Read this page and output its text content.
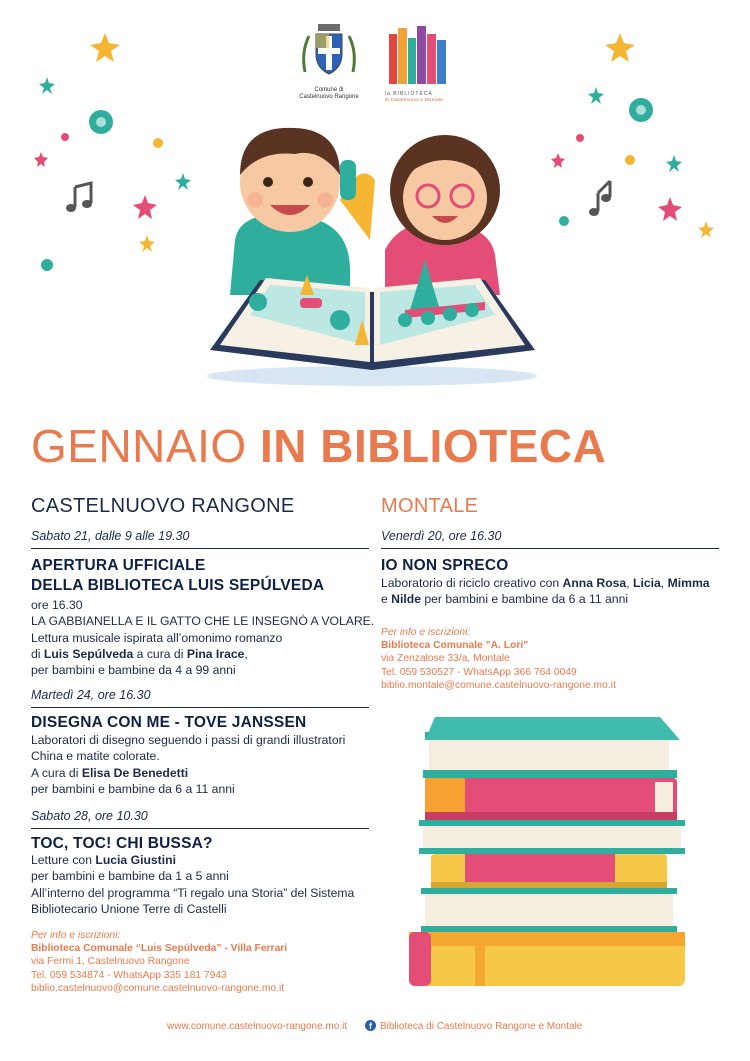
Comune di
Castelnuovo Rangone	la BIBLIOTECA
di Castelnuovo e Montale
GENNAIO IN BIBLIOTECA
CASTELNUOVO RANGONE
Sabato 21, dalle 9 alle 19.30
APERTURA UFFICIALE
DELLA BIBLIOTECA LUIS SEPÚLVEDA
ore 16.30
LA GABBIANELLA E IL GATTO CHE LE INSEGNÒ A VOLARE.
Lettura musicale ispirata all’omonimo romanzo
di Luis Sepúlveda a cura di Pina Irace,
per bambini e bambine da 4 a 99 anni
Martedì 24, ore 16.30
DISEGNA CON ME - TOVE JANSSEN
Laboratori di disegno seguendo i passi di grandi illustratori
China e matite colorate.
A cura di Elisa De Benedetti
per bambini e bambine da 6 a 11 anni
Sabato 28, ore 10.30
TOC, TOC! CHI BUSSA?
Letture con Lucia Giustini
per bambini e bambine da 1 a 5 anni
All’interno del programma “Ti regalo una Storia” del Sistema
Bibliotecario Unione Terre di Castelli
Per info e iscrizioni:
Biblioteca Comunale “Luis Sepúlveda” - Villa Ferrari
via Fermi 1, Castelnuovo Rangone
Tel. 059 534874 - WhatsApp 335 181 7943
biblio.castelnuovo@comune.castelnuovo-rangone.mo.it
MONTALE
Venerdì 20, ore 16.30
IO NON SPRECO
Laboratorio di riciclo creativo con Anna Rosa, Licia, Mimma
e Nilde per bambini e bambine da 6 a 11 anni
Per info e iscrizioni:
Biblioteca Comunale "A. Lori"
via Zenzalose 33/a, Montale
Tel. 059 530527 - WhatsApp 366 764 0049
biblio.montale@comune.castelnuovo-rangone.mo.it
www.comune.castelnuovo-rangone.mo.it	f Biblioteca di Castelnuovo Rangone e Montale
